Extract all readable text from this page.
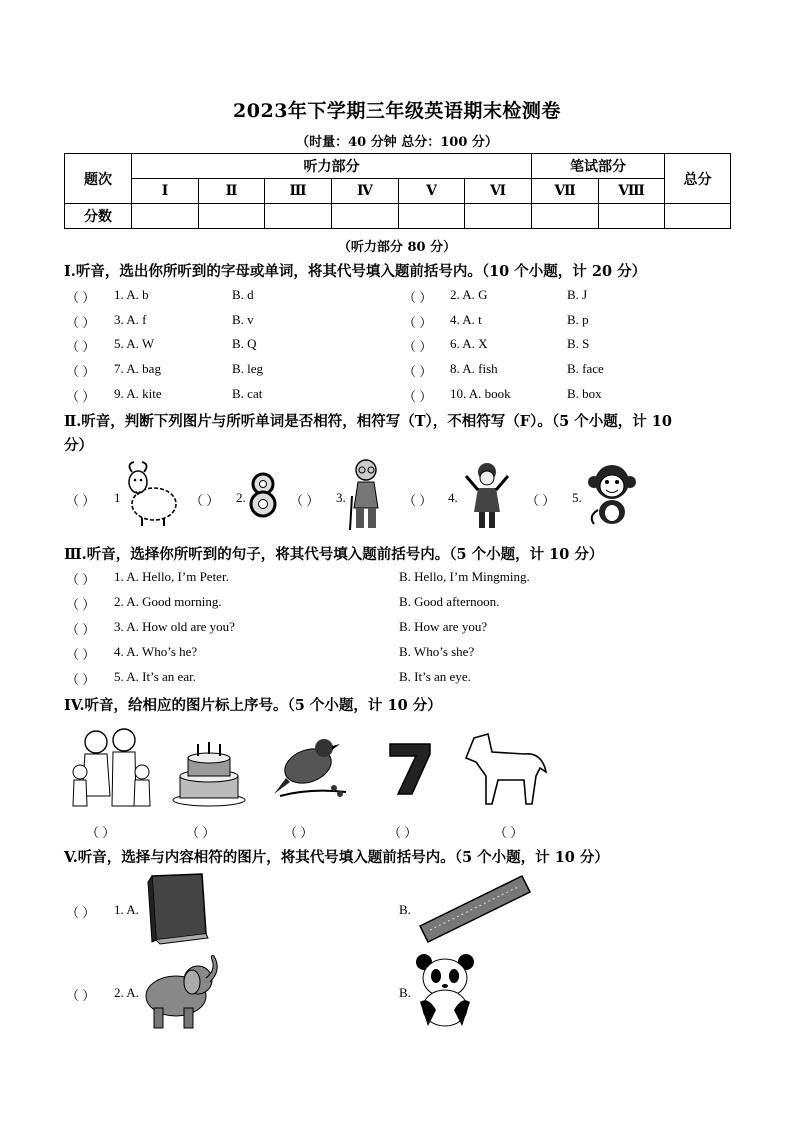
2023年下学期三年级英语期末检测卷
（时量：40 分钟 总分：100 分）
题次	听力部分						笔试部分		总分
	Ⅰ	Ⅱ	Ⅲ	Ⅳ	Ⅴ	Ⅵ	Ⅶ	Ⅷ	
分数									
（听力部分 80 分）
Ⅰ.听音，选出你所听到的字母或单词，将其代号填入题前括号内。（10 个小题，计 20 分）
（ ）	1. A. b	B. d	（ ）	2. A. G	B. J
（ ）	3. A. f	B. v	（ ）	4. A. t	B. p
（ ）	5. A. W	B. Q	（ ）	6. A. X	B. S
（ ）	7. A. bag	B. leg	（ ）	8. A. fish	B. face
（ ）	9. A. kite	B. cat	（ ）	10. A. book	B. box
Ⅱ.听音，判断下列图片与所听单词是否相符，相符写（T），不相符写（F）。（5 个小题，计 10
分）
（ ） 1	（ ） 2.	（ ） 3.	（ ） 4.	（ ） 5.
Ⅲ.听音，选择你所听到的句子，将其代号填入题前括号内。（5 个小题，计 10 分）
（ ） 1. A. Hello, I’m Peter.	B. Hello, I’m Mingming.
（ ） 2. A. Good morning.	B. Good afternoon.
（ ） 3. A. How old are you?	B. How are you?
（ ） 4. A. Who’s he?	B. Who’s she?
（ ） 5. A. It’s an ear.	B. It’s an eye.
IV.听音，给相应的图片标上序号。（5 个小题，计 10 分）
（ ）	（ ）	（ ）	（ ）	（ ）
V.听音，选择与内容相符的图片，将其代号填入题前括号内。（5 个小题，计 10 分）
（ ） 1. A.	B.
（ ） 2. A.	B.
